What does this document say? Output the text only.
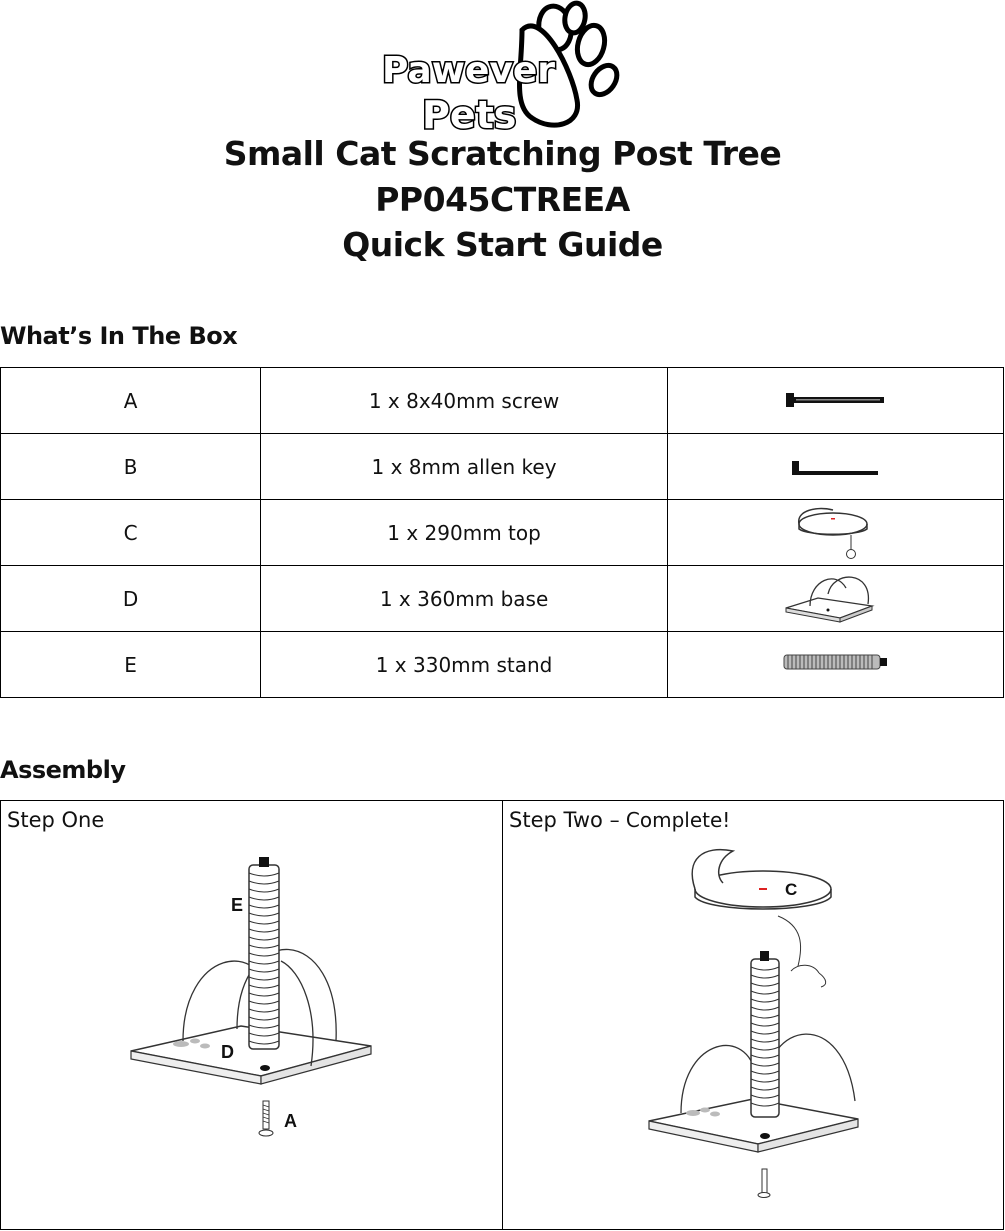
Pawever
Pets
Small Cat Scratching Post Tree
PP045CTREEA
Quick Start Guide
What’s In The Box
A	1 x 8x40mm screw	

B	1 x 8mm allen key	

C	1 x 290mm top	

D	1 x 360mm base	

E	1 x 330mm stand	
Assembly
Step One
E
D
A
Step Two – Complete!
C
